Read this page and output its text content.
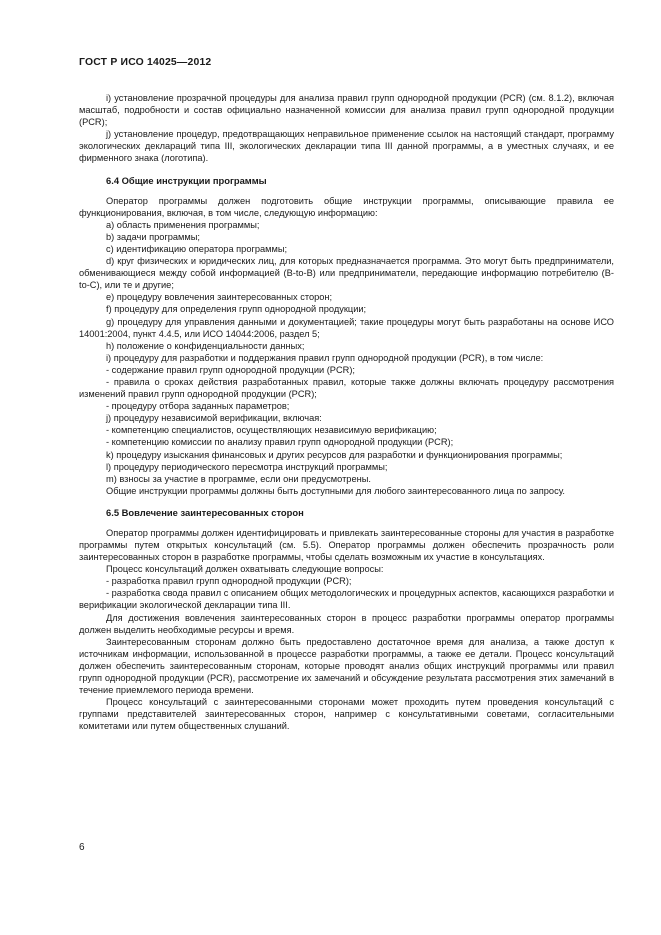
ГОСТ Р ИСО 14025—2012

i) установление прозрачной процедуры для анализа правил групп однородной продукции (PCR) (см. 8.1.2), включая масштаб, подробности и состав официально назначенной комиссии для анализа правил групп однородной продукции (PCR);

j) установление процедур, предотвращающих неправильное применение ссылок на настоящий стандарт, программу экологических деклараций типа III, экологических декларации типа III данной программы, а в уместных случаях, и ее фирменного знака (логотипа).

6.4 Общие инструкции программы

Оператор программы должен подготовить общие инструкции программы, описывающие правила ее функционирования, включая, в том числе, следующую информацию:

a) область применения программы;

b) задачи программы;

c) идентификацию оператора программы;

d) круг физических и юридических лиц, для которых предназначается программа. Это могут быть предприниматели, обменивающиеся между собой информацией (B-to-B) или предприниматели, передающие информацию потребителю (B-to-C), или те и другие;

e) процедуру вовлечения заинтересованных сторон;

f) процедуру для определения групп однородной продукции;

g) процедуру для управления данными и документацией; такие процедуры могут быть разработаны на основе ИСО 14001:2004, пункт 4.4.5, или ИСО 14044:2006, раздел 5;

h) положение о конфиденциальности данных;

i) процедуру для разработки и поддержания правил групп однородной продукции (PCR), в том числе:

- содержание правил групп однородной продукции (PCR);

- правила о сроках действия разработанных правил, которые также должны включать процедуру рассмотрения изменений правил групп однородной продукции (PCR);

- процедуру отбора заданных параметров;

j) процедуру независимой верификации, включая:

- компетенцию специалистов, осуществляющих независимую верификацию;

- компетенцию комиссии по анализу правил групп однородной продукции (PCR);

k) процедуру изыскания финансовых и других ресурсов для разработки и функционирования программы;

l) процедуру периодического пересмотра инструкций программы;

m) взносы за участие в программе, если они предусмотрены.

Общие инструкции программы должны быть доступными для любого заинтересованного лица по запросу.

6.5 Вовлечение заинтересованных сторон

Оператор программы должен идентифицировать и привлекать заинтересованные стороны для участия в разработке программы путем открытых консультаций (см. 5.5). Оператор программы должен обеспечить прозрачность роли заинтересованных сторон в разработке программы, чтобы сделать возможным их участие в консультациях.

Процесс консультаций должен охватывать следующие вопросы:

- разработка правил групп однородной продукции (PCR);

- разработка свода правил с описанием общих методологических и процедурных аспектов, касающихся разработки и верификации экологической декларации типа III.

Для достижения вовлечения заинтересованных сторон в процесс разработки программы оператор программы должен выделить необходимые ресурсы и время.

Заинтересованным сторонам должно быть предоставлено достаточное время для анализа, а также доступ к источникам информации, использованной в процессе разработки программы, а также ее детали. Процесс консультаций должен обеспечить заинтересованным сторонам, которые проводят анализ общих инструкций программы или правил групп однородной продукции (PCR), рассмотрение их замечаний и обсуждение результата рассмотрения этих замечаний в течение приемлемого периода времени.

Процесс консультаций с заинтересованными сторонами может проходить путем проведения консультаций с группами представителей заинтересованных сторон, например с консультативными советами, согласительными комитетами или путем общественных слушаний.

6
